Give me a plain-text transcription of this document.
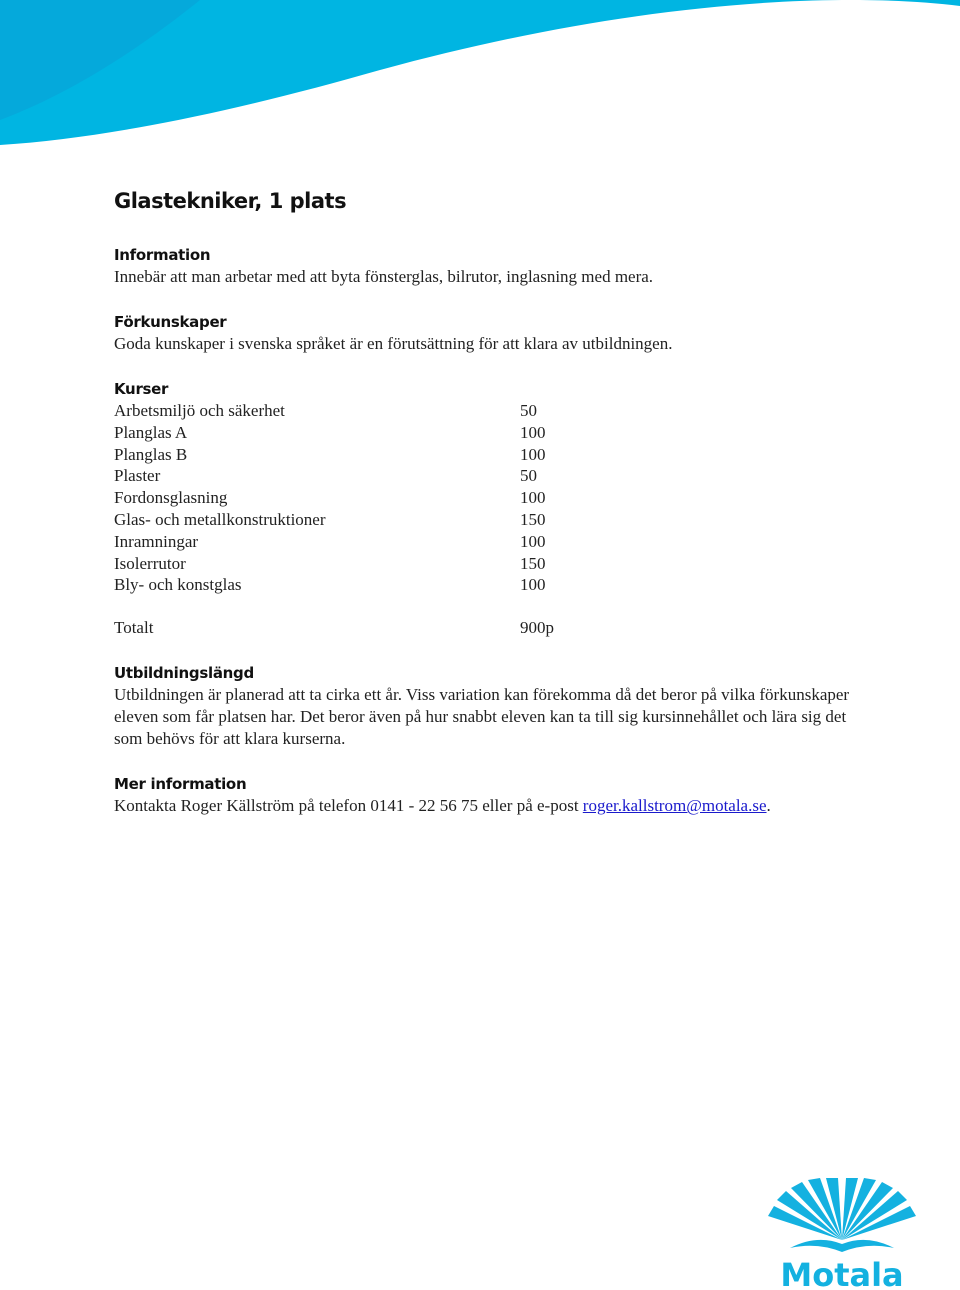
Glastekniker, 1 plats
Information

Innebär att man arbetar med att byta fönsterglas, bilrutor, inglasning med mera.

Förkunskaper

Goda kunskaper i svenska språket är en förutsättning för att klara av utbildningen.

Kurser
Arbetsmiljö och säkerhet	50
Planglas A	100
Planglas B	100
Plaster	50
Fordonsglasning	100
Glas- och metallkonstruktioner	150
Inramningar	100
Isolerrutor	150
Bly- och konstglas	100
Totalt	900p
Utbildningslängd

Utbildningen är planerad att ta cirka ett år. Viss variation kan förekomma då det beror på vilka förkunskaper eleven som får platsen har. Det beror även på hur snabbt eleven kan ta till sig kursinnehållet och lära sig det som behövs för att klara kurserna.

Mer information

Kontakta Roger Källström på telefon 0141 - 22 56 75 eller på e-post roger.kallstrom@motala.se.

Motala
